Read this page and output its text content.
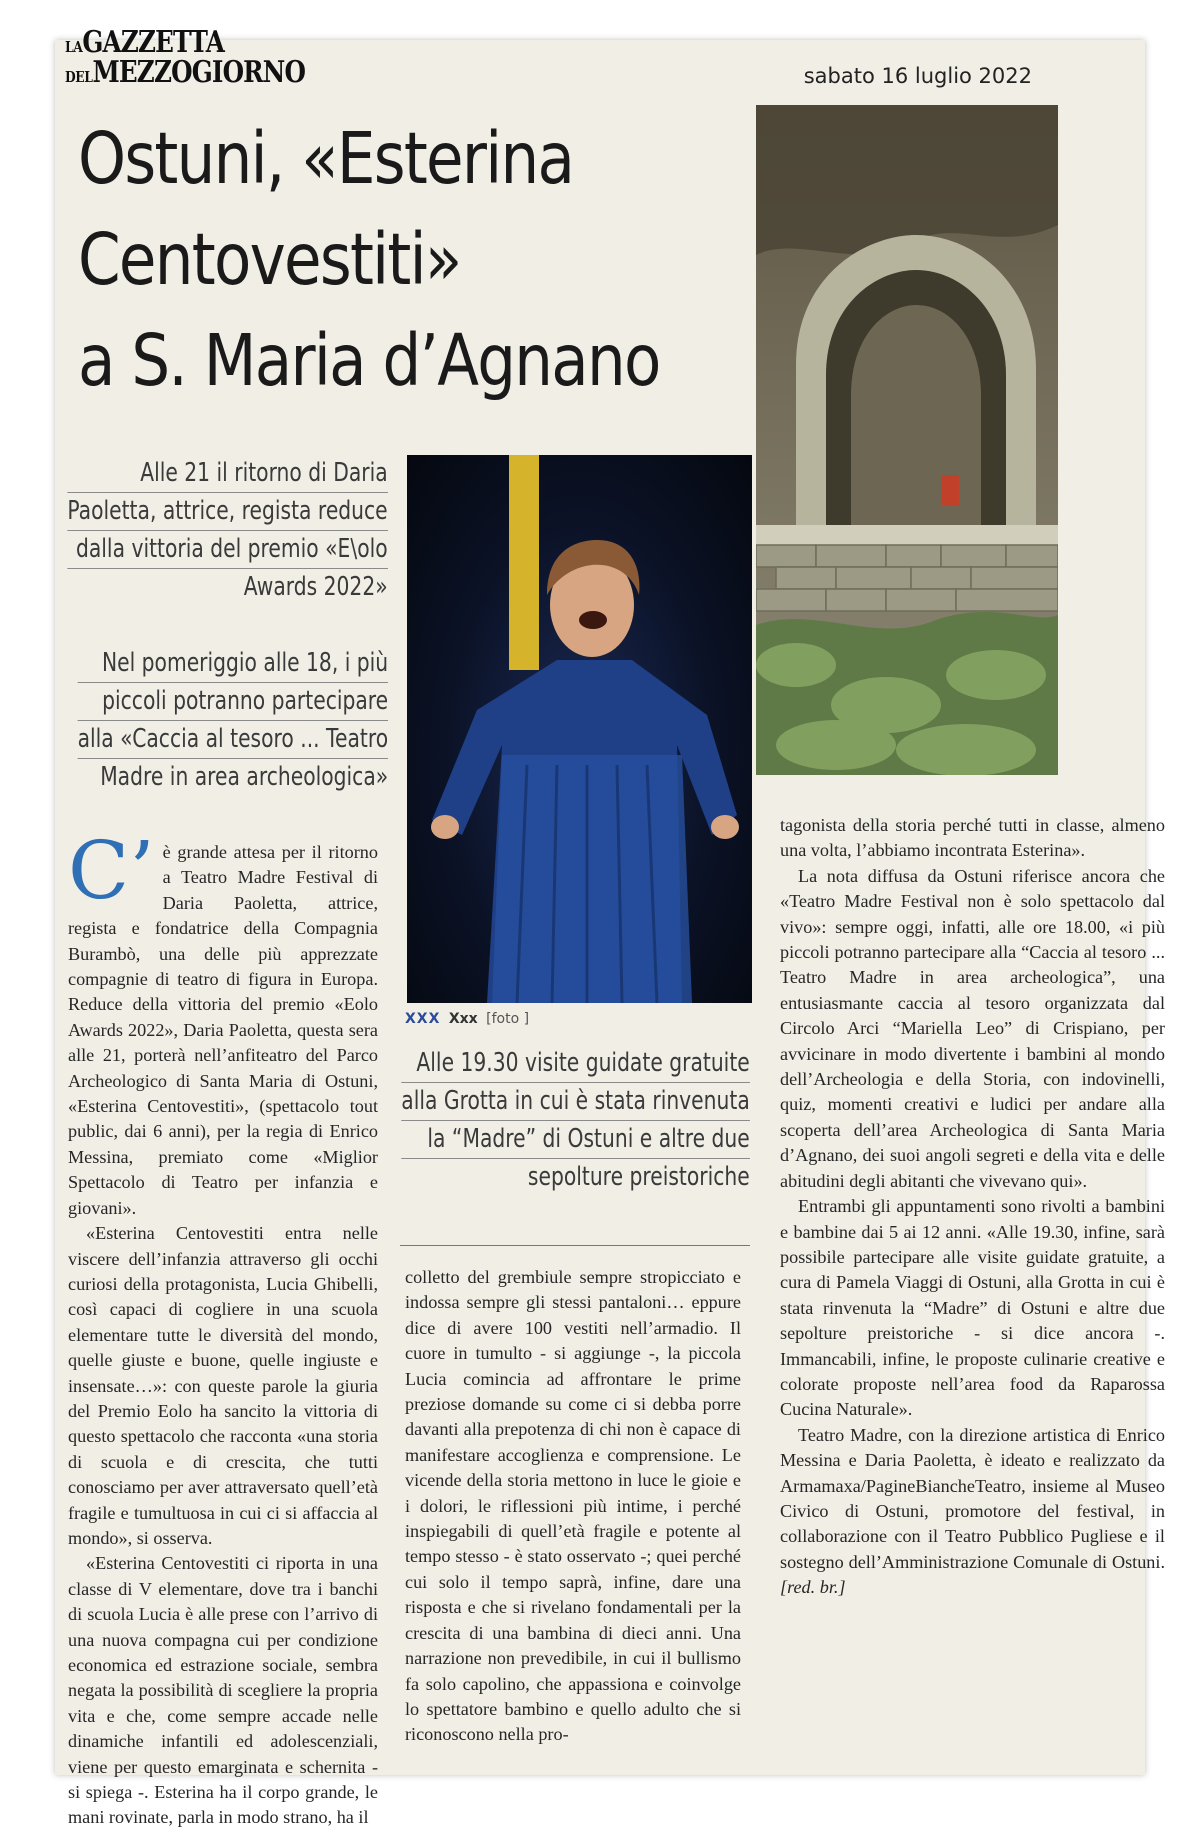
LAGAZZETTA
DELMEZZOGIORNO	sabato 16 luglio 2022
Ostuni, «Esterina
Centovestiti»
a S. Maria d’Agnano
XXX Xxx [foto ]
Alle 21 il ritorno di Daria
Paoletta, attrice, regista reduce
dalla vittoria del premio «E\olo
Awards 2022»
Nel pomeriggio alle 18, i più
piccoli potranno partecipare
alla «Caccia al tesoro ... Teatro
Madre in area archeologica»
Alle 19.30 visite guidate gratuite
alla Grotta in cui è stata rinvenuta
la “Madre” di Ostuni e altre due
sepolture preistoriche

C’ è grande attesa per il ritorno a Teatro Madre Festival di Daria Paoletta, attrice, regista e fondatrice della Compagnia Burambò, una delle più apprezzate compagnie di teatro di figura in Europa. Reduce della vittoria del premio «Eolo Awards 2022», Daria Paoletta, questa sera alle 21, porterà nell’anfiteatro del Parco Archeologico di Santa Maria di Ostuni, «Esterina Centovestiti», (spettacolo tout public, dai 6 anni), per la regia di Enrico Messina, premiato come «Miglior Spettacolo di Teatro per infanzia e giovani».

«Esterina Centovestiti entra nelle viscere dell’infanzia attraverso gli occhi curiosi della protagonista, Lucia Ghibelli, così capaci di cogliere in una scuola elementare tutte le diversità del mondo, quelle giuste e buone, quelle ingiuste e insensate…»: con queste parole la giuria del Premio Eolo ha sancito la vittoria di questo spettacolo che racconta «una storia di scuola e di crescita, che tutti conosciamo per aver attraversato quell’età fragile e tumultuosa in cui ci si affaccia al mondo», si osserva.

«Esterina Centovestiti ci riporta in una classe di V elementare, dove tra i banchi di scuola Lucia è alle prese con l’arrivo di una nuova compagna cui per condizione economica ed estrazione sociale, sembra negata la possibilità di scegliere la propria vita e che, come sempre accade nelle dinamiche infantili ed adolescenziali, viene per questo emarginata e schernita - si spiega -. Esterina ha il corpo grande, le mani rovinate, parla in modo strano, ha il

colletto del grembiule sempre stropicciato e indossa sempre gli stessi pantaloni… eppure dice di avere 100 vestiti nell’armadio. Il cuore in tumulto - si aggiunge -, la piccola Lucia comincia ad affrontare le prime preziose domande su come ci si debba porre davanti alla prepotenza di chi non è capace di manifestare accoglienza e comprensione. Le vicende della storia mettono in luce le gioie e i dolori, le riflessioni più intime, i perché inspiegabili di quell’età fragile e potente al tempo stesso - è stato osservato -; quei perché cui solo il tempo saprà, infine, dare una risposta e che si rivelano fondamentali per la crescita di una bambina di dieci anni. Una narrazione non prevedibile, in cui il bullismo fa solo capolino, che appassiona e coinvolge lo spettatore bambino e quello adulto che si riconoscono nella pro-

tagonista della storia perché tutti in classe, almeno una volta, l’abbiamo incontrata Esterina».

La nota diffusa da Ostuni riferisce ancora che «Teatro Madre Festival non è solo spettacolo dal vivo»: sempre oggi, infatti, alle ore 18.00, «i più piccoli potranno partecipare alla “Caccia al tesoro ... Teatro Madre in area archeologica”, una entusiasmante caccia al tesoro organizzata dal Circolo Arci “Mariella Leo” di Crispiano, per avvicinare in modo divertente i bambini al mondo dell’Archeologia e della Storia, con indovinelli, quiz, momenti creativi e ludici per andare alla scoperta dell’area Archeologica di Santa Maria d’Agnano, dei suoi angoli segreti e della vita e delle abitudini degli abitanti che vivevano qui».

Entrambi gli appuntamenti sono rivolti a bambini e bambine dai 5 ai 12 anni. «Alle 19.30, infine, sarà possibile partecipare alle visite guidate gratuite, a cura di Pamela Viaggi di Ostuni, alla Grotta in cui è stata rinvenuta la “Madre” di Ostuni e altre due sepolture preistoriche - si dice ancora -. Immancabili, infine, le proposte culinarie creative e colorate proposte nell’area food da Raparossa Cucina Naturale».

Teatro Madre, con la direzione artistica di Enrico Messina e Daria Paoletta, è ideato e realizzato da Armamaxa/PagineBiancheTeatro, insieme al Museo Civico di Ostuni, promotore del festival, in collaborazione con il Teatro Pubblico Pugliese e il sostegno dell’Amministrazione Comunale di Ostuni. [red. br.]
